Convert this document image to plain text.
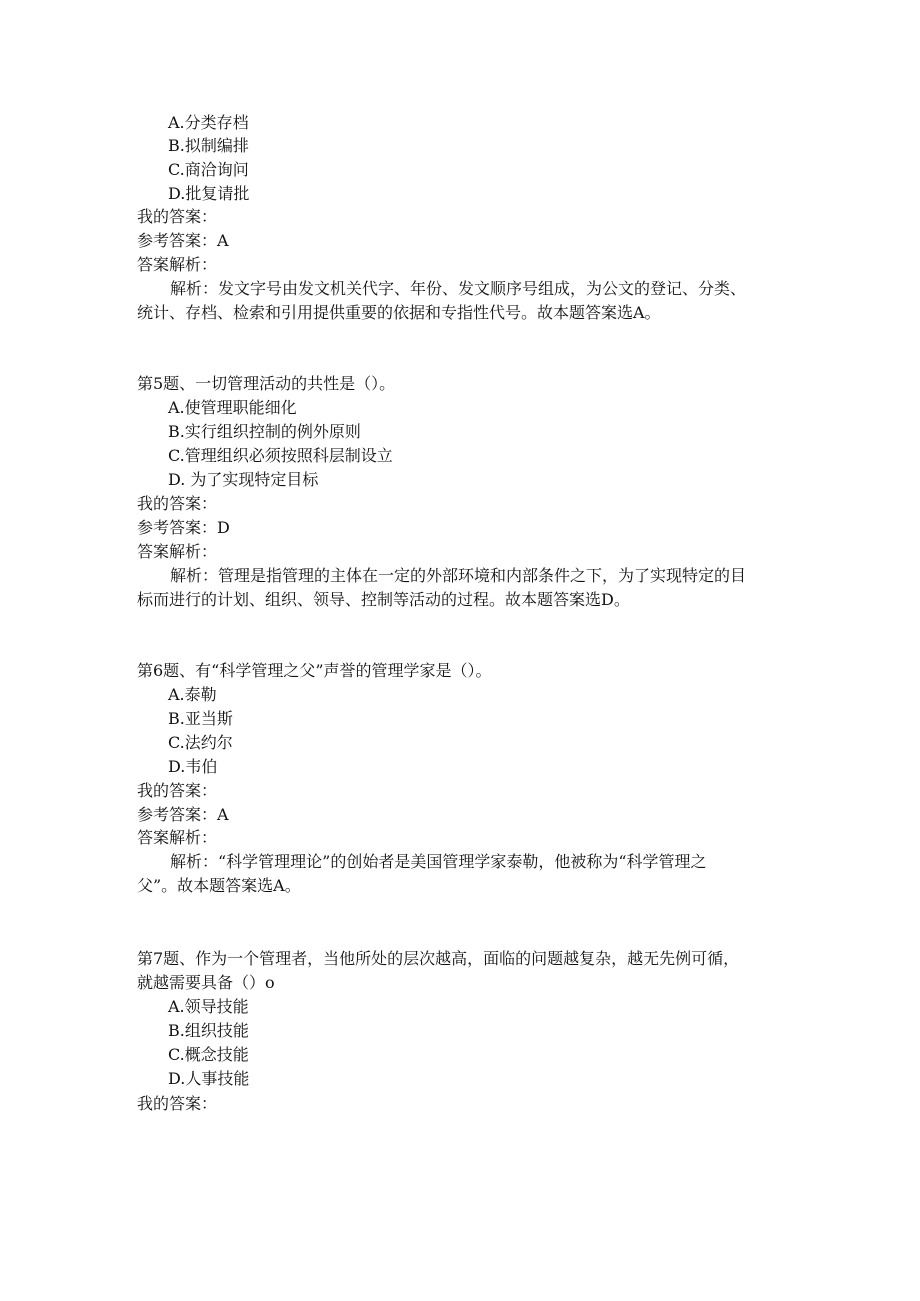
A.分类存档
B.拟制编排
C.商洽询问
D.批复请批
我的答案：
参考答案：A
答案解析：
解析：发文字号由发文机关代字、年份、发文顺序号组成，为公文的登记、分类、
统计、存档、检索和引用提供重要的依据和专指性代号。故本题答案选A。
第5题、一切管理活动的共性是（）。
A.使管理职能细化
B.实行组织控制的例外原则
C.管理组织必须按照科层制设立
D. 为了实现特定目标
我的答案：
参考答案：D
答案解析：
解析：管理是指管理的主体在一定的外部环境和内部条件之下，为了实现特定的目
标而进行的计划、组织、领导、控制等活动的过程。故本题答案选D。
第6题、有“科学管理之父”声誉的管理学家是（）。
A.泰勒
B.亚当斯
C.法约尔
D.韦伯
我的答案：
参考答案：A
答案解析：
解析：“科学管理理论”的创始者是美国管理学家泰勒，他被称为“科学管理之
父”。故本题答案选A。
第7题、作为一个管理者，当他所处的层次越高，面临的问题越复杂，越无先例可循，
就越需要具备（）o
A.领导技能
B.组织技能
C.概念技能
D.人事技能
我的答案：
